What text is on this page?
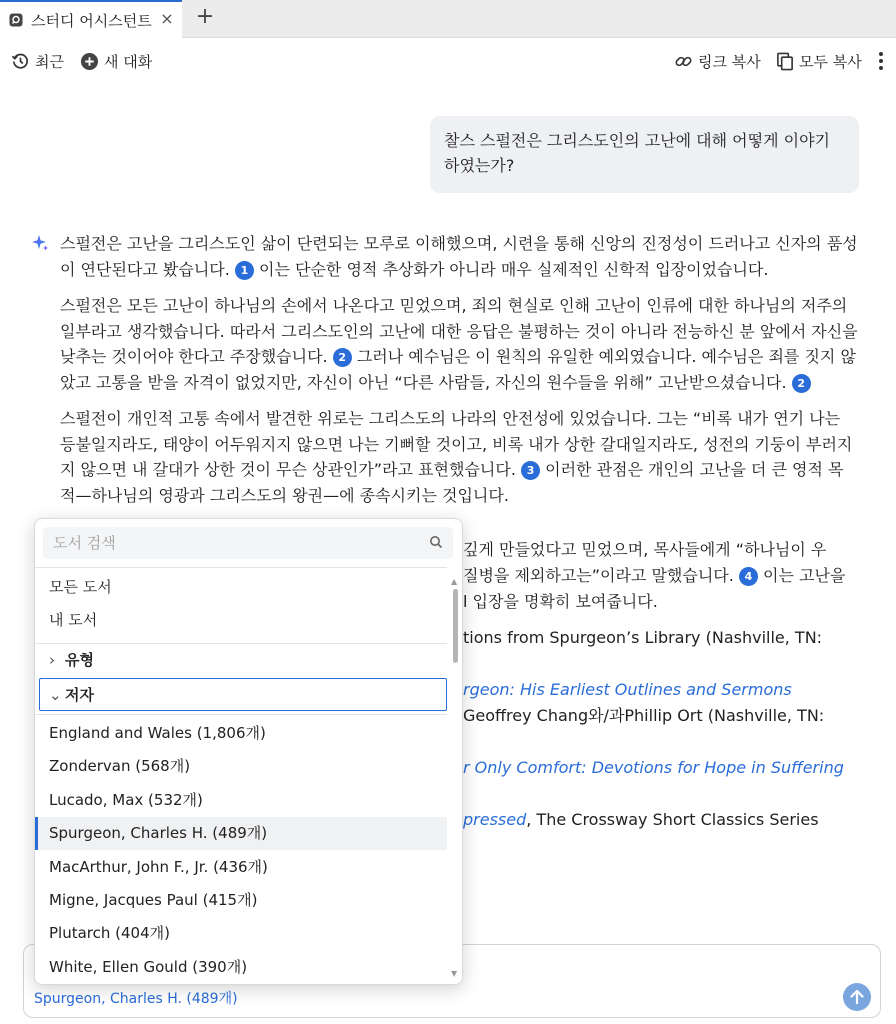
스터디 어시스턴트 × +
최근	새 대화	링크 복사	모두 복사
찰스 스펄전은 그리스도인의 고난에 대해 어떻게 이야기 하였는가?

스펄전은 고난을 그리스도인 삶이 단련되는 모루로 이해했으며, 시련을 통해 신앙의 진정성이 드러나고 신자의 품성이 연단된다고 봤습니다. 1 이는 단순한 영적 추상화가 아니라 매우 실제적인 신학적 입장이었습니다.

스펄전은 모든 고난이 하나님의 손에서 나온다고 믿었으며, 죄의 현실로 인해 고난이 인류에 대한 하나님의 저주의 일부라고 생각했습니다. 따라서 그리스도인의 고난에 대한 응답은 불평하는 것이 아니라 전능하신 분 앞에서 자신을 낮추는 것이어야 한다고 주장했습니다. 2 그러나 예수님은 이 원칙의 유일한 예외였습니다. 예수님은 죄를 짓지 않았고 고통을 받을 자격이 없었지만, 자신이 아닌 “다른 사람들, 자신의 원수들을 위해” 고난받으셨습니다. 2

스펄전이 개인적 고통 속에서 발견한 위로는 그리스도의 나라의 안전성에 있었습니다. 그는 “비록 내가 연기 나는 등불일지라도, 태양이 어두워지지 않으면 나는 기뻐할 것이고, 비록 내가 상한 갈대일지라도, 성전의 기둥이 부러지지 않으면 내 갈대가 상한 것이 무슨 상관인가”라고 표현했습니다. 3 이러한 관점은 개인의 고난을 더 큰 영적 목적—하나님의 영광과 그리스도의 왕권—에 종속시키는 것입니다.

깊게 만들었다고 믿었으며, 목사들에게 “하나님이 우
질병을 제외하고는”이라고 말했습니다. 4 이는 고난을
l 입장을 명확히 보여줍니다.
tions from Spurgeon’s Library (Nashville, TN:
rgeon: His Earliest Outlines and Sermons
Geoffrey Chang와/과Phillip Ort (Nashville, TN:
r Only Comfort: Devotions for Hope in Suffering
pressed, The Crossway Short Classics Series
Spurgeon, Charles H. (489개)
도서 검색
모든 도서
내 도서
› 유형
⌄ 저자
England and Wales (1,806개)
Zondervan (568개)
Lucado, Max (532개)
Spurgeon, Charles H. (489개)
MacArthur, John F., Jr. (436개)
Migne, Jacques Paul (415개)
Plutarch (404개)
White, Ellen Gould (390개)
▲
▼
